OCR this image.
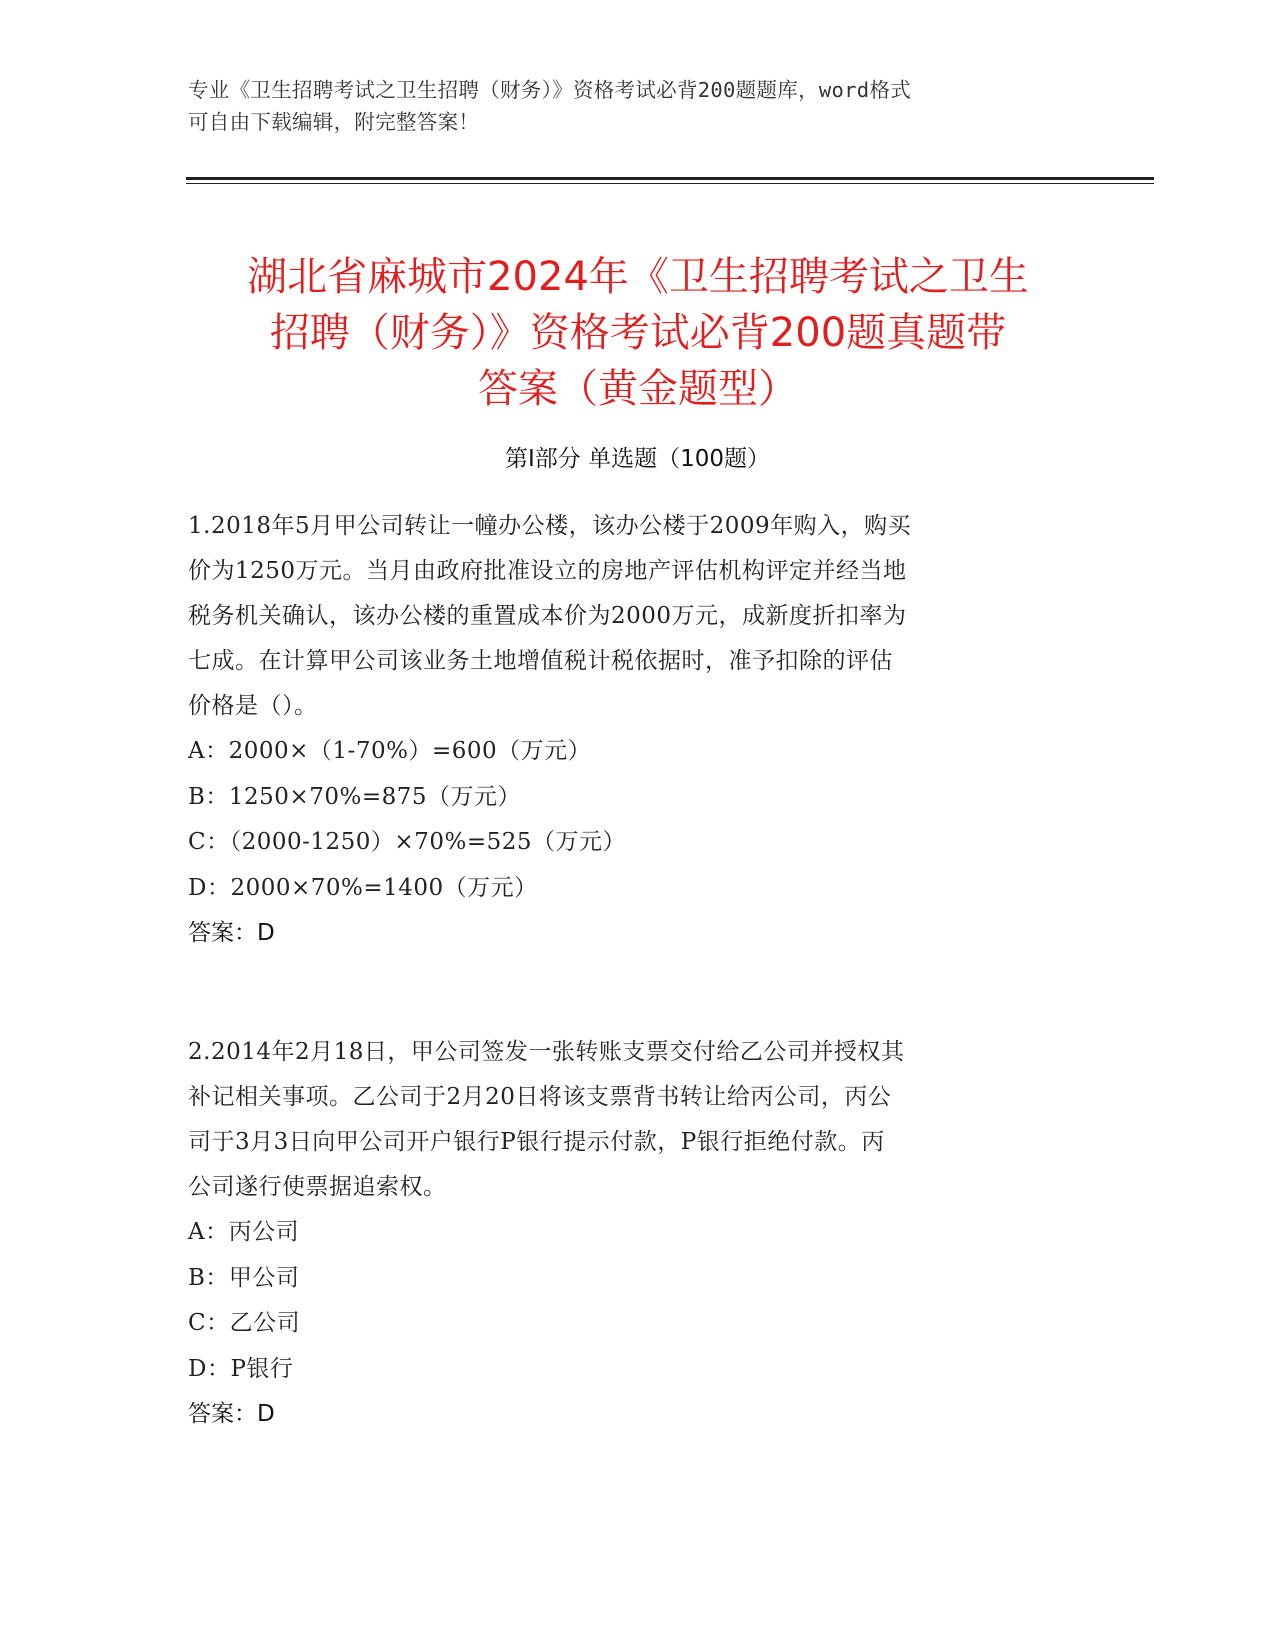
专业《卫生招聘考试之卫生招聘（财务）》资格考试必背200题题库，word格式
可自由下载编辑，附完整答案！
湖北省麻城市2024年《卫生招聘考试之卫生
招聘（财务）》资格考试必背200题真题带
答案（黄金题型）
第Ⅰ部分 单选题（100题）
1.2018年5月甲公司转让一幢办公楼，该办公楼于2009年购入，购买
价为1250万元。当月由政府批准设立的房地产评估机构评定并经当地
税务机关确认，该办公楼的重置成本价为2000万元，成新度折扣率为
七成。在计算甲公司该业务土地增值税计税依据时，准予扣除的评估
价格是（）。
A：2000×（1-70%）=600（万元）
B：1250×70%=875（万元）
C：（2000-1250）×70%=525（万元）
D：2000×70%=1400（万元）
答案：D
2.2014年2月18日，甲公司签发一张转账支票交付给乙公司并授权其
补记相关事项。乙公司于2月20日将该支票背书转让给丙公司，丙公
司于3月3日向甲公司开户银行P银行提示付款，P银行拒绝付款。丙
公司遂行使票据追索权。
A：丙公司
B：甲公司
C：乙公司
D：P银行
答案：D
